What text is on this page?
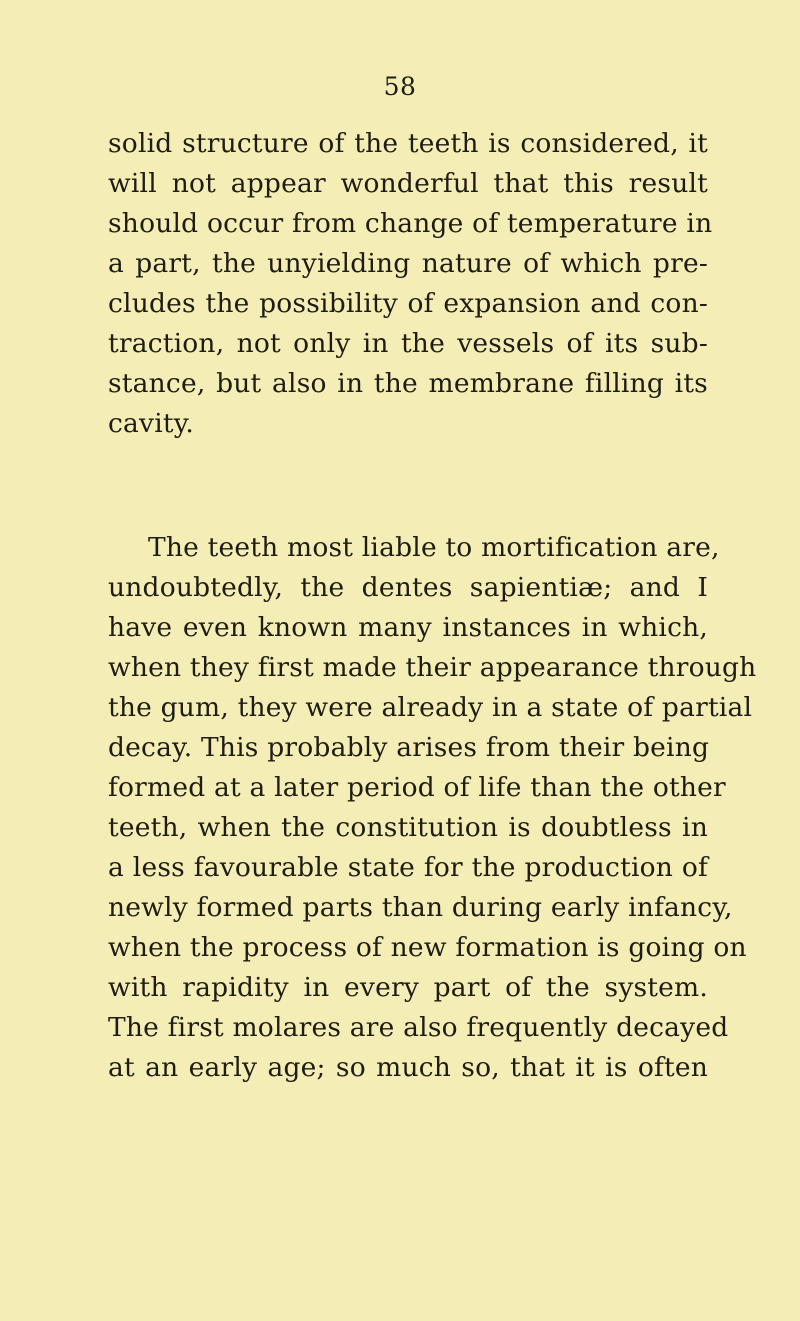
58
solid structure of the teeth is considered, it
will not appear wonderful that this result
should occur from change of temperature in
a part, the unyielding nature of which pre-
cludes the possibility of expansion and con-
traction, not only in the vessels of its sub-
stance, but also in the membrane filling its
cavity.
The teeth most liable to mortification are,
undoubtedly, the dentes sapientiæ; and I
have even known many instances in which,
when they first made their appearance through
the gum, they were already in a state of partial
decay. This probably arises from their being
formed at a later period of life than the other
teeth, when the constitution is doubtless in
a less favourable state for the production of
newly formed parts than during early infancy,
when the process of new formation is going on
with rapidity in every part of the system.
The first molares are also frequently decayed
at an early age; so much so, that it is often
